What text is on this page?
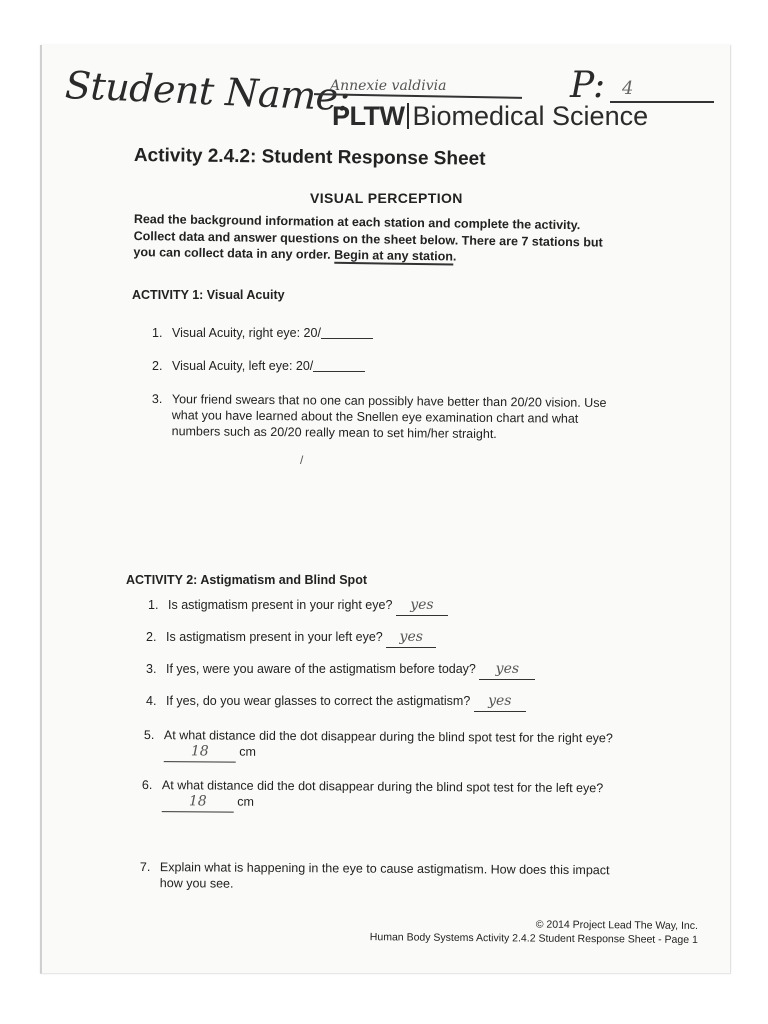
Student Name:
Annexie valdivia	P: 4
PLTW Biomedical Science
Activity 2.4.2: Student Response Sheet
VISUAL PERCEPTION
Read the background information at each station and complete the activity.
Collect data and answer questions on the sheet below. There are 7 stations but
you can collect data in any order. Begin at any station.
ACTIVITY 1: Visual Acuity
1. Visual Acuity, right eye: 20/
2. Visual Acuity, left eye: 20/
3. Your friend swears that no one can possibly have better than 20/20 vision. Use
what you have learned about the Snellen eye examination chart and what
numbers such as 20/20 really mean to set him/her straight.
/
ACTIVITY 2: Astigmatism and Blind Spot
1. Is astigmatism present in your right eye? yes
2. Is astigmatism present in your left eye? yes
3. If yes, were you aware of the astigmatism before today? yes
4. If yes, do you wear glasses to correct the astigmatism? yes
5. At what distance did the dot disappear during the blind spot test for the right eye?
18 cm
6. At what distance did the dot disappear during the blind spot test for the left eye?
18 cm
7. Explain what is happening in the eye to cause astigmatism. How does this impact
how you see.
© 2014 Project Lead The Way, Inc.
Human Body Systems Activity 2.4.2 Student Response Sheet - Page 1
